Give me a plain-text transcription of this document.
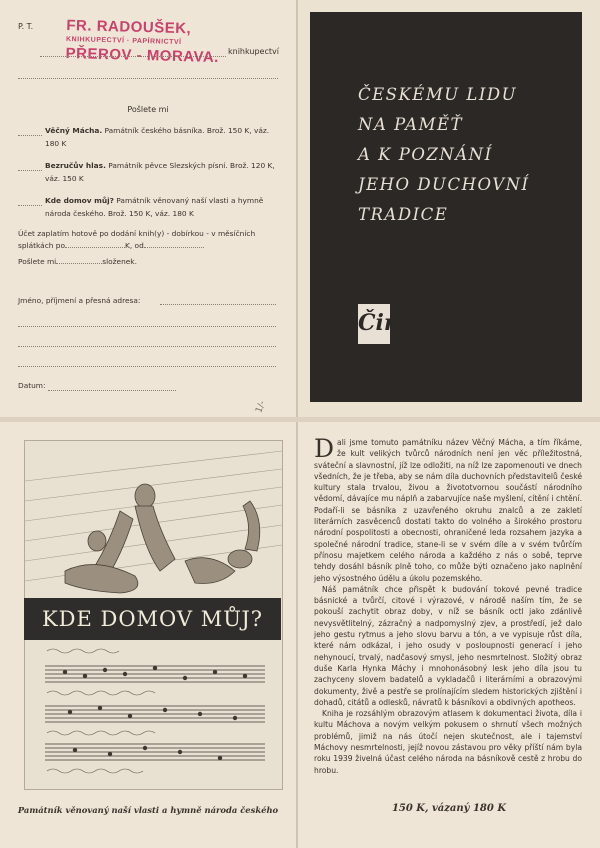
P. T. FR. RADOUŠEK,
KNIHKUPECTVÍ · PAPÍRNICTVÍ
PŘEROV - MORAVA. knihkupectví
Pošlete mi
Věčný Mácha. Památník českého básníka. Brož. 150 K, váz. 180 K
Bezručův hlas. Památník pěvce Slezských písní. Brož. 120 K, váz. 150 K
Kde domov můj? Památník věnovaný naší vlasti a hymně národa českého. Brož. 150 K, váz. 180 K
Účet zaplatím hotově po dodání knih(y) - dobírkou - v měsíčních splátkách po	K, od
Pošlete mi	složenek.
Jméno, příjmení a přesná adresa:
Datum:
1/-
ČESKÉMU LIDU
NA PAMĚŤ
A K POZNÁNÍ
JEHO DUCHOVNÍ
TRADICE
Čin
KDE DOMOV MŮJ?
Památník věnovaný naší vlasti a hymně národa českého

Dali jsme tomuto památníku název Věčný Mácha, a tím říkáme, že kult velikých tvůrců národních není jen věc příležitostná, sváteční a slavnostní, jíž lze odložiti, na níž lze zapomenouti ve dnech všedních, že je třeba, aby se nám díla duchovních představitelů české kultury stala trvalou, živou a živototvornou součástí národního vědomí, dávajíce mu náplň a zabarvujíce naše myšlení, cítění i chtění. Podaří-li se básníka z uzavřeného okruhu znalců a ze zakletí literárních zasvěcenců dostati takto do volného a širokého prostoru národní pospolitosti a obecnosti, ohraničené leda rozsahem jazyka a společné národní tradice, stane-li se v svém díle a v svém tvůrčím přínosu majetkem celého národa a každého z nás o sobě, teprve tehdy dosáhl básník plně toho, co může býti označeno jako naplnění jeho výsostného údělu a úkolu pozemského.

Náš památník chce přispět k budování tokové pevné tradice básnické a tvůrčí, citové i výrazové, v národě naším tím, že se pokouší zachytit obraz doby, v níž se básník octl jako zdánlivě nevysvětlitelný, zázračný a nadpomyslný zjev, a prostředí, jež dalo jeho gestu rytmus a jeho slovu barvu a tón, a ve vypisuje růst díla, které nám odkázal, i jeho osudy v posloupnosti generací i jeho nehynoucí, trvalý, nadčasový smysl, jeho nesmrtelnost. Složitý obraz duše Karla Hynka Máchy i mnohonásobný lesk jeho díla jsou tu zachyceny slovem badatelů a vykladačů i literárními a obrazovými dokumenty, živě a pestře se prolínajícím sledem historických zjištění i dohadů, citátů a odlesků, návratů k básníkovi a obdivných apotheos.

Kniha je rozsáhlým obrazovým atlasem k dokumentaci života, díla i kultu Máchova a novým velkým pokusem o shrnutí všech možných problémů, jimiž na nás útočí nejen skutečnost, ale i tajemství Máchovy nesmrtelnosti, jejíž novou zástavou pro věky příští nám byla roku 1939 živelná účast celého národa na básníkově cestě z hrobu do hrobu.

150 K, vázaný 180 K
